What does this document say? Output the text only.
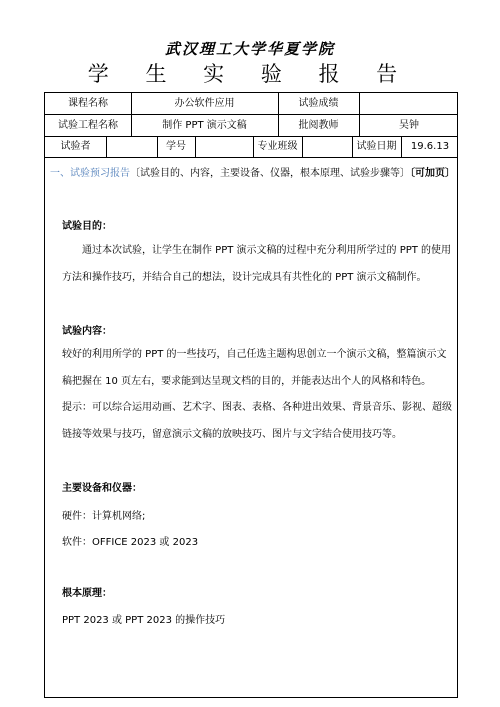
武汉理工大学华夏学院
学 生 实 验 报 告
课程名称	办公软件应用	试验成绩
试验工程名称	制作 PPT 演示文稿	批阅教师	吴钟
试验者	学号	专业班级	试验日期	19.6.13
一、试验预习报告〔试验目的、内容，主要设备、仪器，根本原理、试验步骤等〕〔可加页〕
试验目的：
通过本次试验，让学生在制作 PPT 演示文稿的过程中充分利用所学过的 PPT 的使用方法和操作技巧，并结合自己的想法，设计完成具有共性化的 PPT 演示文稿制作。
试验内容：
较好的利用所学的 PPT 的一些技巧，自己任选主题构思创立一个演示文稿，整篇演示文稿把握在 10 页左右，要求能到达呈现文档的目的，并能表达出个人的风格和特色。
提示：可以综合运用动画、艺术字、图表、表格、各种进出效果、背景音乐、影视、超级链接等效果与技巧，留意演示文稿的放映技巧、图片与文字结合使用技巧等。
主要设备和仪器：
硬件：计算机网络;
软件：OFFICE 2023 或 2023
根本原理：
PPT 2023 或 PPT 2023 的操作技巧
